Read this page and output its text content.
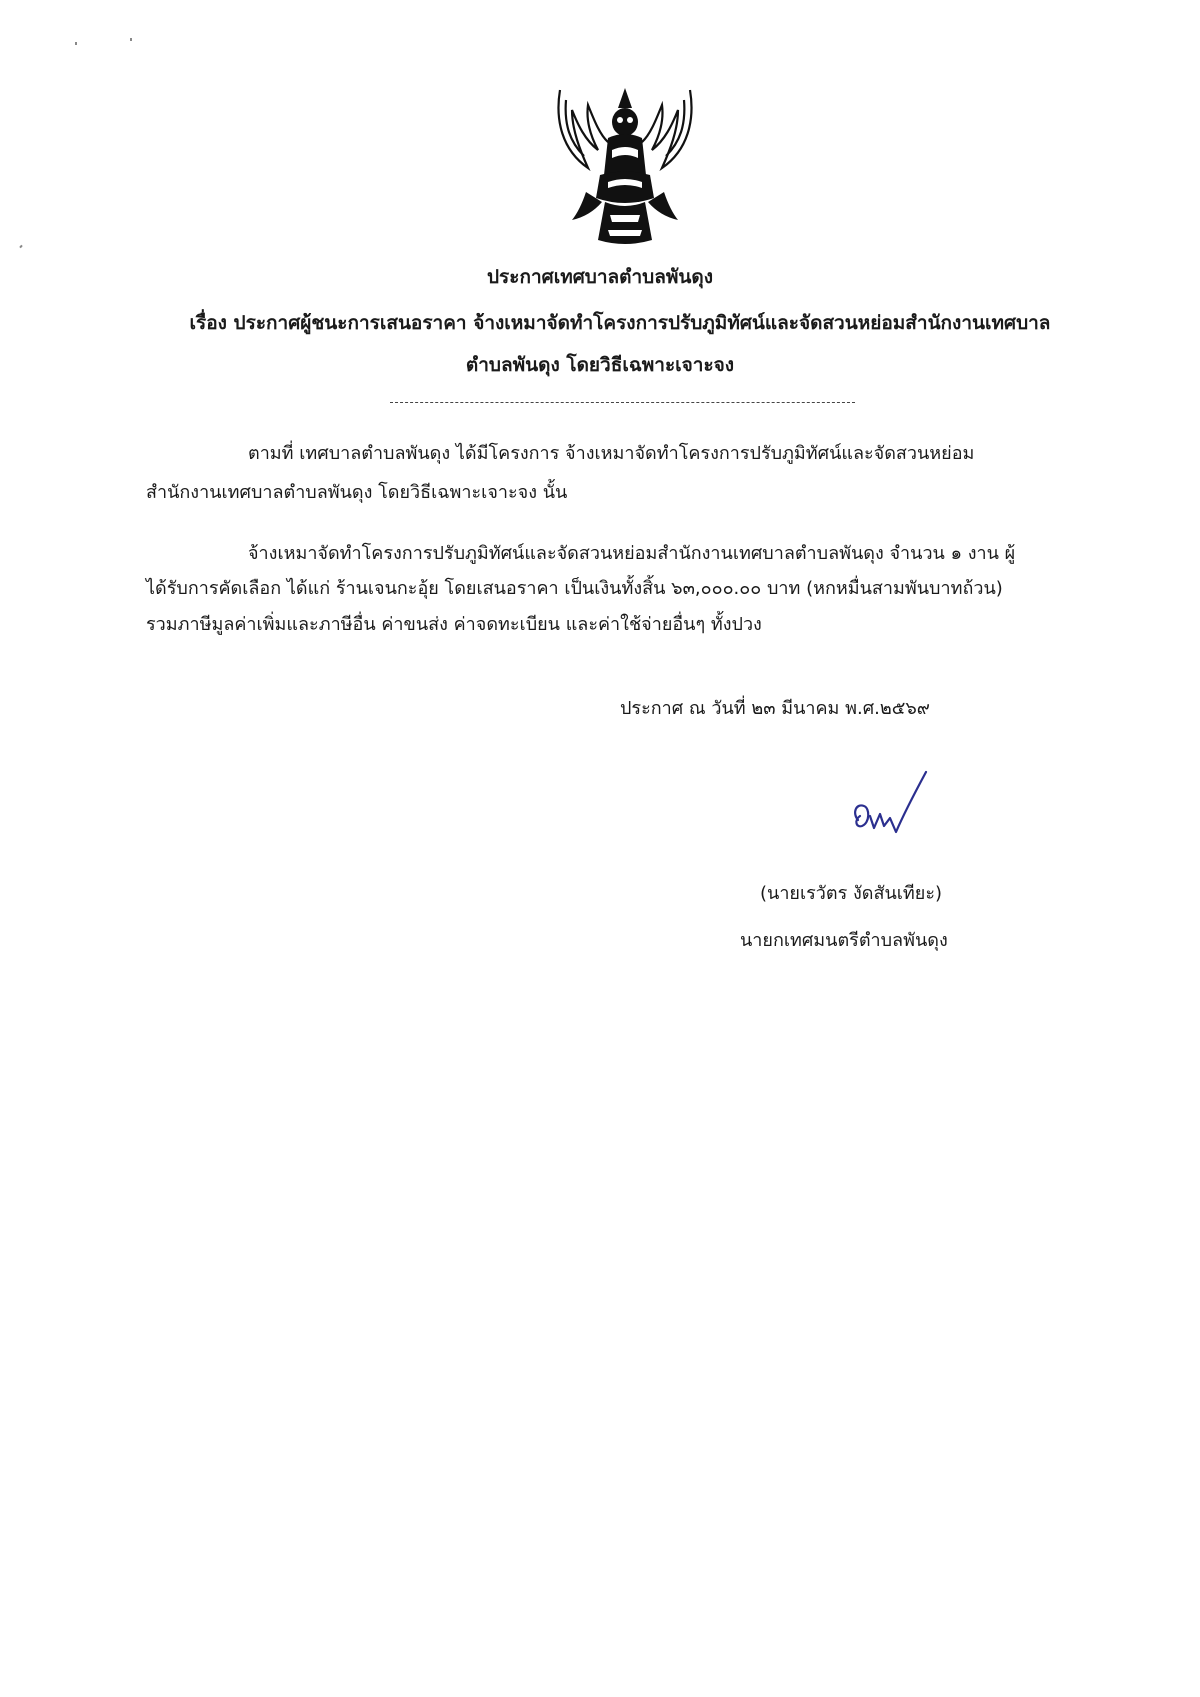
ประกาศเทศบาลตำบลพันดุง
เรื่อง ประกาศผู้ชนะการเสนอราคา จ้างเหมาจัดทำโครงการปรับภูมิทัศน์และจัดสวนหย่อมสำนักงานเทศบาล
ตำบลพันดุง โดยวิธีเฉพาะเจาะจง
ตามที่ เทศบาลตำบลพันดุง ได้มีโครงการ จ้างเหมาจัดทำโครงการปรับภูมิทัศน์และจัดสวนหย่อม
สำนักงานเทศบาลตำบลพันดุง โดยวิธีเฉพาะเจาะจง นั้น
จ้างเหมาจัดทำโครงการปรับภูมิทัศน์และจัดสวนหย่อมสำนักงานเทศบาลตำบลพันดุง จำนวน ๑ งาน ผู้
ได้รับการคัดเลือก ได้แก่ ร้านเจนกะอุ้ย โดยเสนอราคา เป็นเงินทั้งสิ้น ๖๓,๐๐๐.๐๐ บาท (หกหมื่นสามพันบาทถ้วน)
รวมภาษีมูลค่าเพิ่มและภาษีอื่น ค่าขนส่ง ค่าจดทะเบียน และค่าใช้จ่ายอื่นๆ ทั้งปวง
ประกาศ ณ วันที่ ๒๓ มีนาคม พ.ศ.๒๕๖๙
(นายเรวัตร งัดสันเทียะ)
นายกเทศมนตรีตำบลพันดุง
